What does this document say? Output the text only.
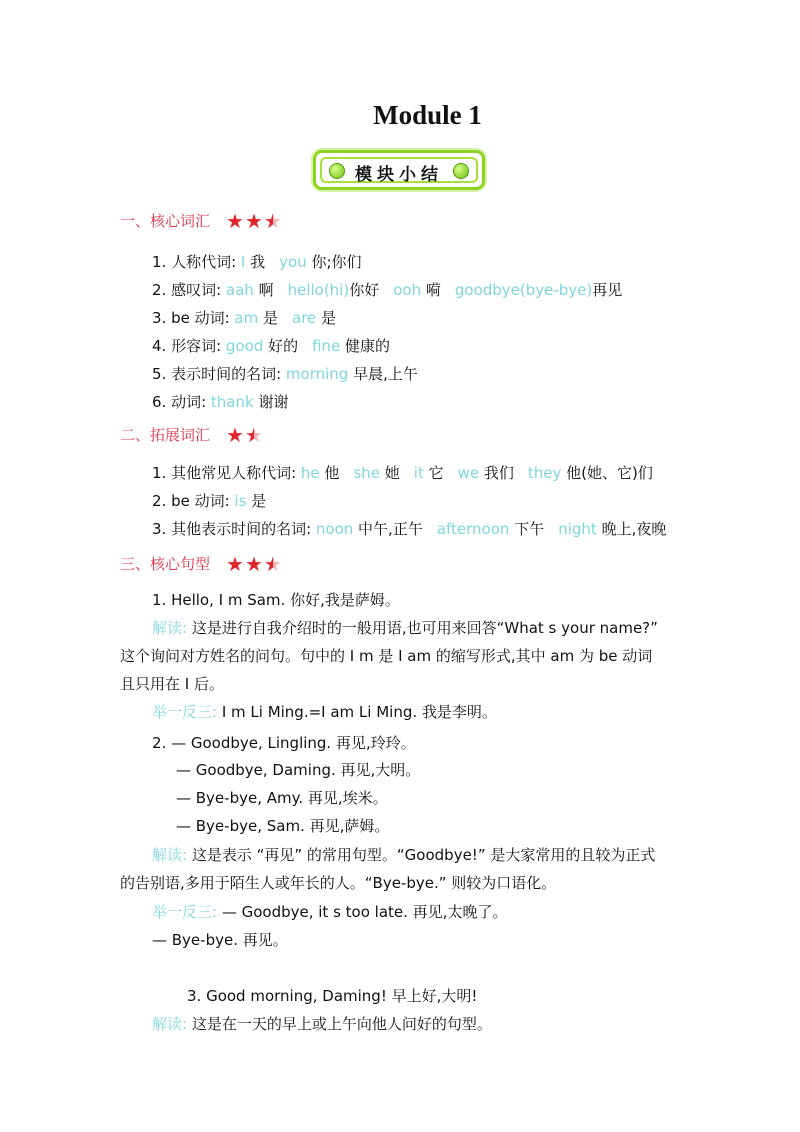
Module 1
模块小结
一、核心词汇 ★ ★ ★
1. 人称代词: I 我 you 你;你们
2. 感叹词: aah 啊 hello(hi)你好 ooh 嗬 goodbye(bye-bye)再见
3. be 动词: am 是 are 是
4. 形容词: good 好的 fine 健康的
5. 表示时间的名词: morning 早晨,上午
6. 动词: thank 谢谢
二、拓展词汇 ★ ★
1. 其他常见人称代词: he 他 she 她 it 它 we 我们 they 他(她、它)们
2. be 动词: is 是
3. 其他表示时间的名词: noon 中午,正午 afternoon 下午 night 晚上,夜晚
三、核心句型 ★ ★ ★
1. Hello, I m Sam. 你好,我是萨姆。
解读: 这是进行自我介绍时的一般用语,也可用来回答“What s your name?”
这个询问对方姓名的问句。句中的 I m 是 I am 的缩写形式,其中 am 为 be 动词
且只用在 I 后。
举一反三: I m Li Ming.=I am Li Ming. 我是李明。
2. — Goodbye, Lingling. 再见,玲玲。
— Goodbye, Daming. 再见,大明。
— Bye-bye, Amy. 再见,埃米。
— Bye-bye, Sam. 再见,萨姆。
解读: 这是表示 “再见” 的常用句型。“Goodbye!” 是大家常用的且较为正式
的告别语,多用于陌生人或年长的人。“Bye-bye.” 则较为口语化。
举一反三: — Goodbye, it s too late. 再见,太晚了。
— Bye-bye. 再见。
3. Good morning, Daming! 早上好,大明!
解读: 这是在一天的早上或上午向他人问好的句型。
